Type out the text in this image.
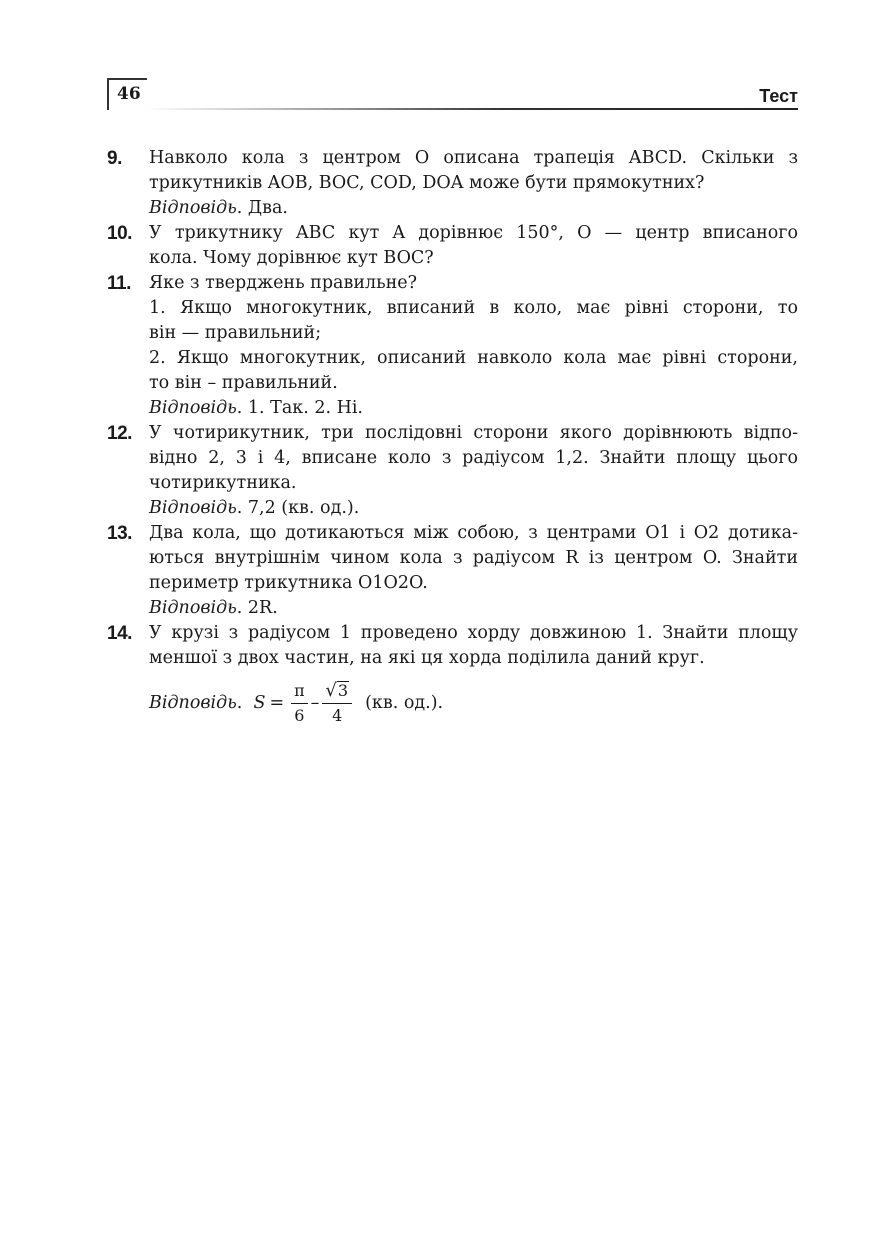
46	Тест
9. Навколо кола з центром O описана трапеція ABCD. Скільки з
трикутників AOB, BOC, COD, DOA може бути прямокутних?
Відповідь. Два.
10. У трикутнику ABC кут A дорівнює 150°, O — центр вписаного
кола. Чому дорівнює кут BOC?
11. Яке з тверджень правильне?
1. Якщо многокутник, вписаний в коло, має рівні сторони, то
він — правильний;
2. Якщо многокутник, описаний навколо кола має рівні сторони,
то він – правильний.
Відповідь. 1. Так. 2. Ні.
12. У чотирикутник, три послідовні сторони якого дорівнюють відпо-
відно 2, 3 і 4, вписане коло з радіусом 1,2. Знайти площу цього
чотирикутника.
Відповідь. 7,2 (кв. од.).
13. Два кола, що дотикаються між собою, з центрами O1 і O2 дотика-
ються внутрішнім чином кола з радіусом R із центром O. Знайти
периметр трикутника O1O2O.
Відповідь. 2R.
14. У крузі з радіусом 1 проведено хорду довжиною 1. Знайти площу
меншої з двох частин, на які ця хорда поділила даний круг.
Відповідь . $S = \frac{\pi}{6} - \frac{√ 3}{4} (кв$. од.).
